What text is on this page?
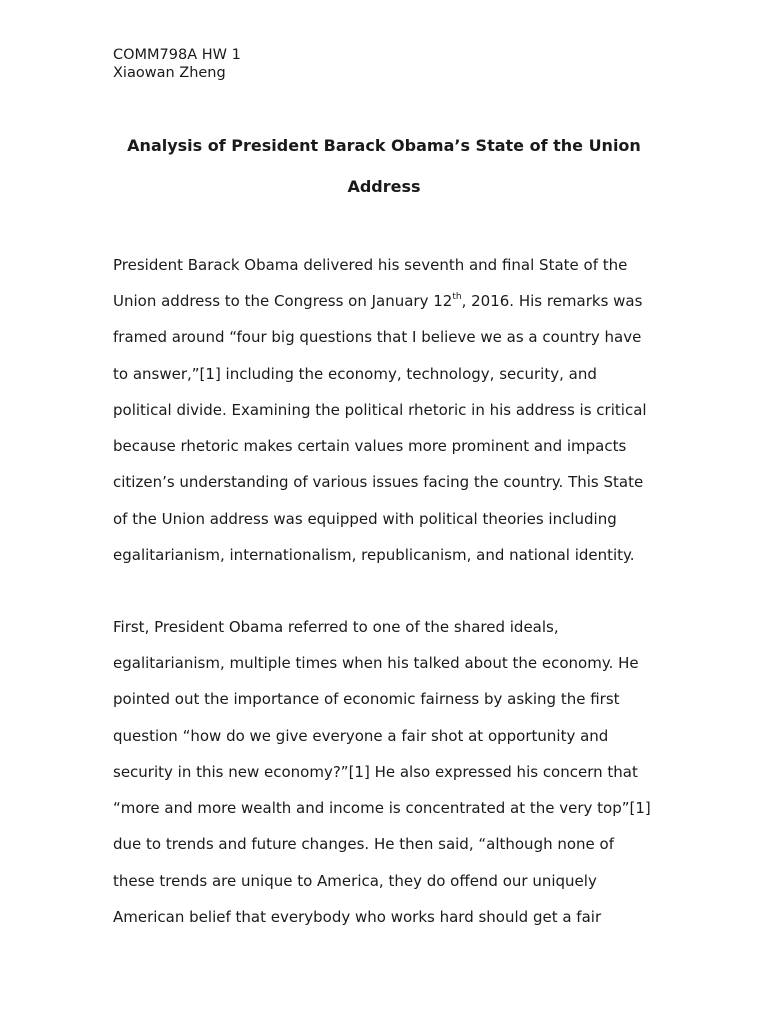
COMM798A HW 1
Xiaowan Zheng
Analysis of President Barack Obama’s State of the Union
Address
President Barack Obama delivered his seventh and final State of the
Union address to the Congress on January 12th, 2016. His remarks was
framed around “four big questions that I believe we as a country have
to answer,”[1] including the economy, technology, security, and
political divide. Examining the political rhetoric in his address is critical
because rhetoric makes certain values more prominent and impacts
citizen’s understanding of various issues facing the country. This State
of the Union address was equipped with political theories including
egalitarianism, internationalism, republicanism, and national identity.
First, President Obama referred to one of the shared ideals,
egalitarianism, multiple times when his talked about the economy. He
pointed out the importance of economic fairness by asking the first
question “how do we give everyone a fair shot at opportunity and
security in this new economy?”[1] He also expressed his concern that
“more and more wealth and income is concentrated at the very top”[1]
due to trends and future changes. He then said, “although none of
these trends are unique to America, they do offend our uniquely
American belief that everybody who works hard should get a fair
